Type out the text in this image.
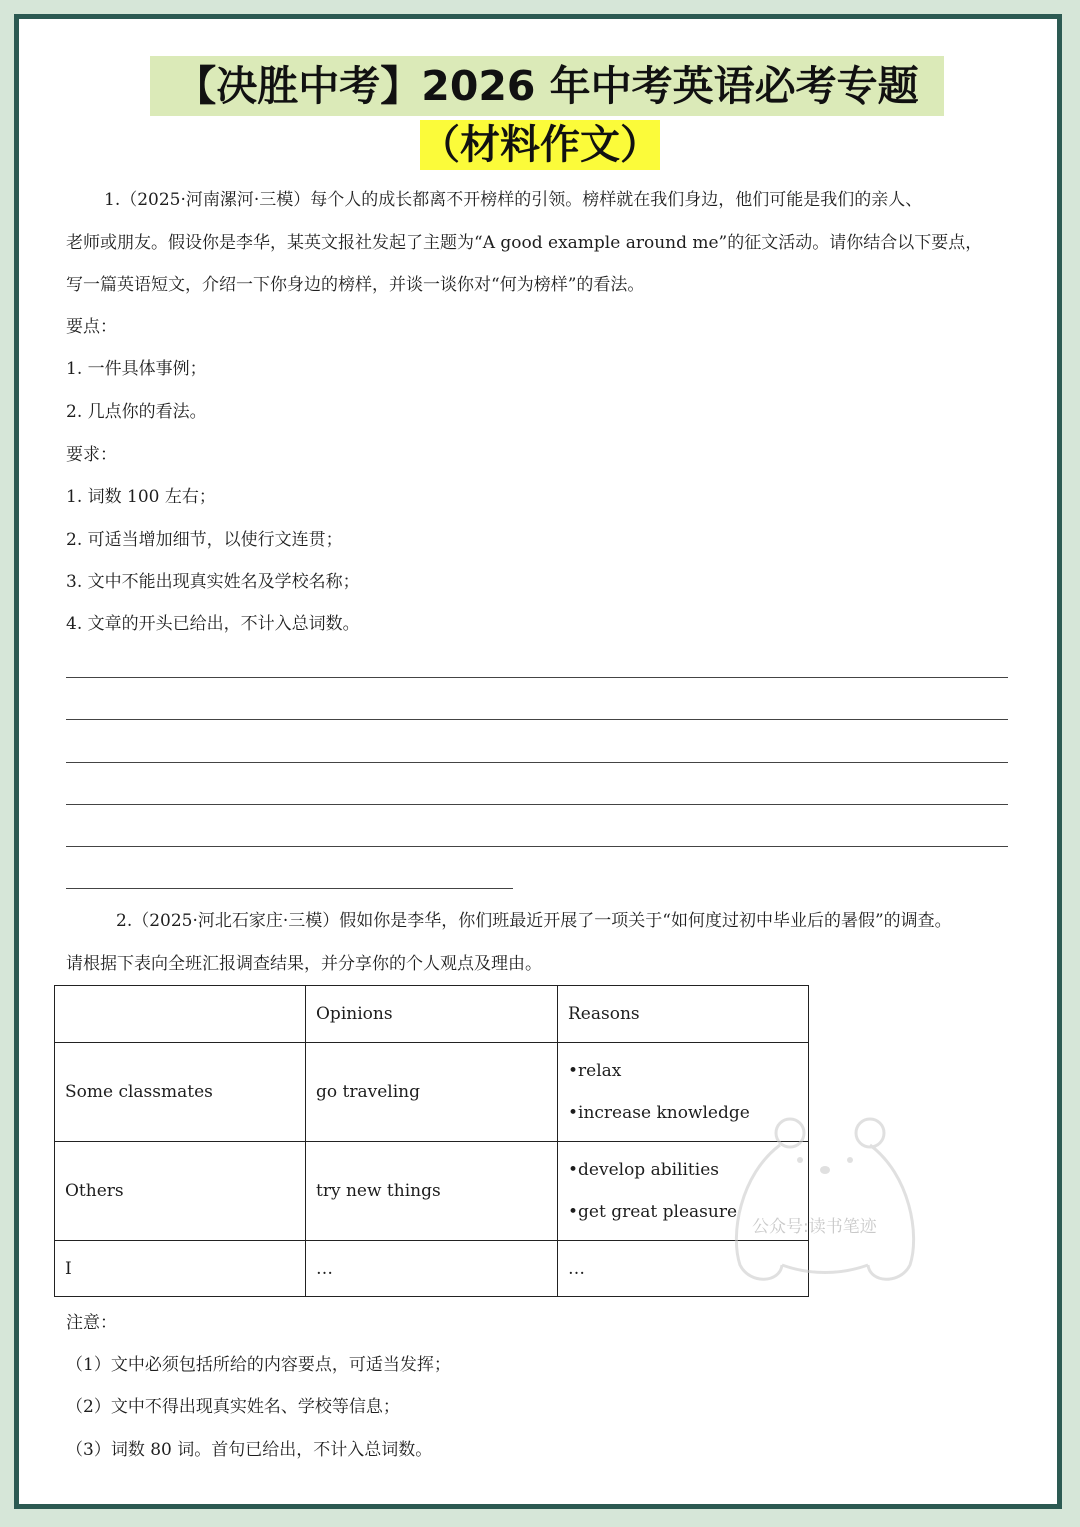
【决胜中考】2026 年中考英语必考专题
（材料作文）
1.（2025·河南漯河·三模）每个人的成长都离不开榜样的引领。榜样就在我们身边，他们可能是我们的亲人、
老师或朋友。假设你是李华，某英文报社发起了主题为“A good example around me”的征文活动。请你结合以下要点，
写一篇英语短文，介绍一下你身边的榜样，并谈一谈你对“何为榜样”的看法。
要点：
1. 一件具体事例；
2. 几点你的看法。
要求：
1. 词数 100 左右；
2. 可适当增加细节，以使行文连贯；
3. 文中不能出现真实姓名及学校名称；
4. 文章的开头已给出，不计入总词数。
2.（2025·河北石家庄·三模）假如你是李华，你们班最近开展了一项关于“如何度过初中毕业后的暑假”的调查。
请根据下表向全班汇报调查结果，并分享你的个人观点及理由。
	Opinions	Reasons
Some classmates	go traveling	•relax
•increase knowledge

Others	try new things	•develop abilities
•get great pleasure

I	…	…
注意：
（1）文中必须包括所给的内容要点，可适当发挥；
（2）文中不得出现真实姓名、学校等信息；
（3）词数 80 词。首句已给出，不计入总词数。
公众号:读书笔迹
